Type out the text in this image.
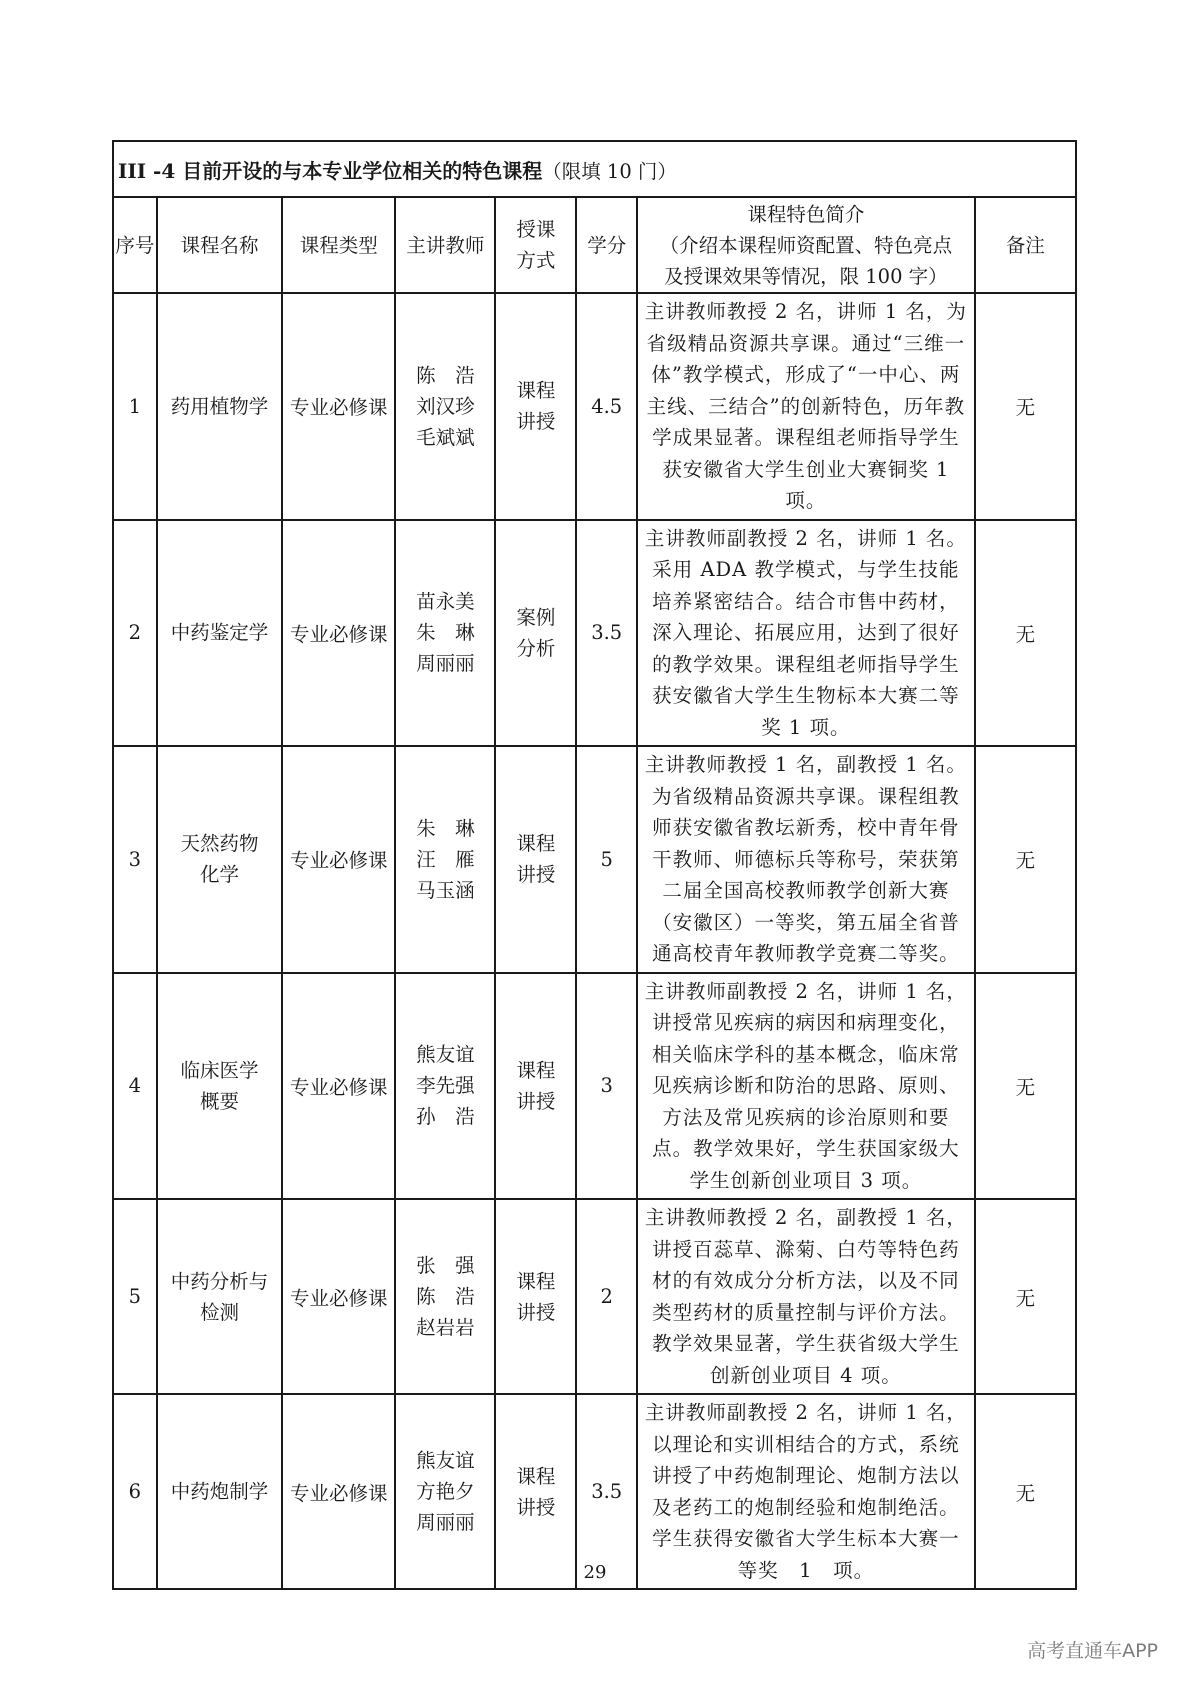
III -4 目前开设的与本专业学位相关的特色课程（限填 10 门）							
序号	课程名称	课程类型	主讲教师	授课方式	学分	课程特色简介
（介绍本课程师资配置、特色亮点
及授课效果等情况，限 100 字）	备注
1	药用植物学	专业必修课	陈　浩
刘汉珍
毛斌斌	课程讲授	4.5	主讲教师教授 2 名，讲师 1 名，为省级精品资源共享课。通过“三维一体”教学模式，形成了“一中心、两主线、三结合”的创新特色，历年教学成果显著。课程组老师指导学生获安徽省大学生创业大赛铜奖 1 项。	无
2	中药鉴定学	专业必修课	苗永美
朱　琳
周丽丽	案例分析	3.5	主讲教师副教授 2 名，讲师 1 名。采用 ADA 教学模式，与学生技能培养紧密结合。结合市售中药材，深入理论、拓展应用，达到了很好的教学效果。课程组老师指导学生获安徽省大学生生物标本大赛二等奖 1 项。	无
3	天然药物化学	专业必修课	朱　琳
汪　雁
马玉涵	课程讲授	5	主讲教师教授 1 名，副教授 1 名。为省级精品资源共享课。课程组教师获安徽省教坛新秀，校中青年骨干教师、师德标兵等称号，荣获第二届全国高校教师教学创新大赛（安徽区）一等奖，第五届全省普通高校青年教师教学竞赛二等奖。	无
4	临床医学概要	专业必修课	熊友谊
李先强
孙　浩	课程讲授	3	主讲教师副教授 2 名，讲师 1 名，讲授常见疾病的病因和病理变化，相关临床学科的基本概念，临床常见疾病诊断和防治的思路、原则、方法及常见疾病的诊治原则和要点。教学效果好，学生获国家级大学生创新创业项目 3 项。	无
5	中药分析与检测	专业必修课	张　强
陈　浩
赵岩岩	课程讲授	2	主讲教师教授 2 名，副教授 1 名，讲授百蕊草、滁菊、白芍等特色药材的有效成分分析方法，以及不同类型药材的质量控制与评价方法。教学效果显著，学生获省级大学生创新创业项目 4 项。	无
6	中药炮制学	专业必修课	熊友谊
方艳夕
周丽丽	课程讲授	3.5	主讲教师副教授 2 名，讲师 1 名，以理论和实训相结合的方式，系统讲授了中药炮制理论、炮制方法以及老药工的炮制经验和炮制绝活。学生获得安徽省大学生标本大赛一等奖　1　项。	无
29
高考直通车APP
